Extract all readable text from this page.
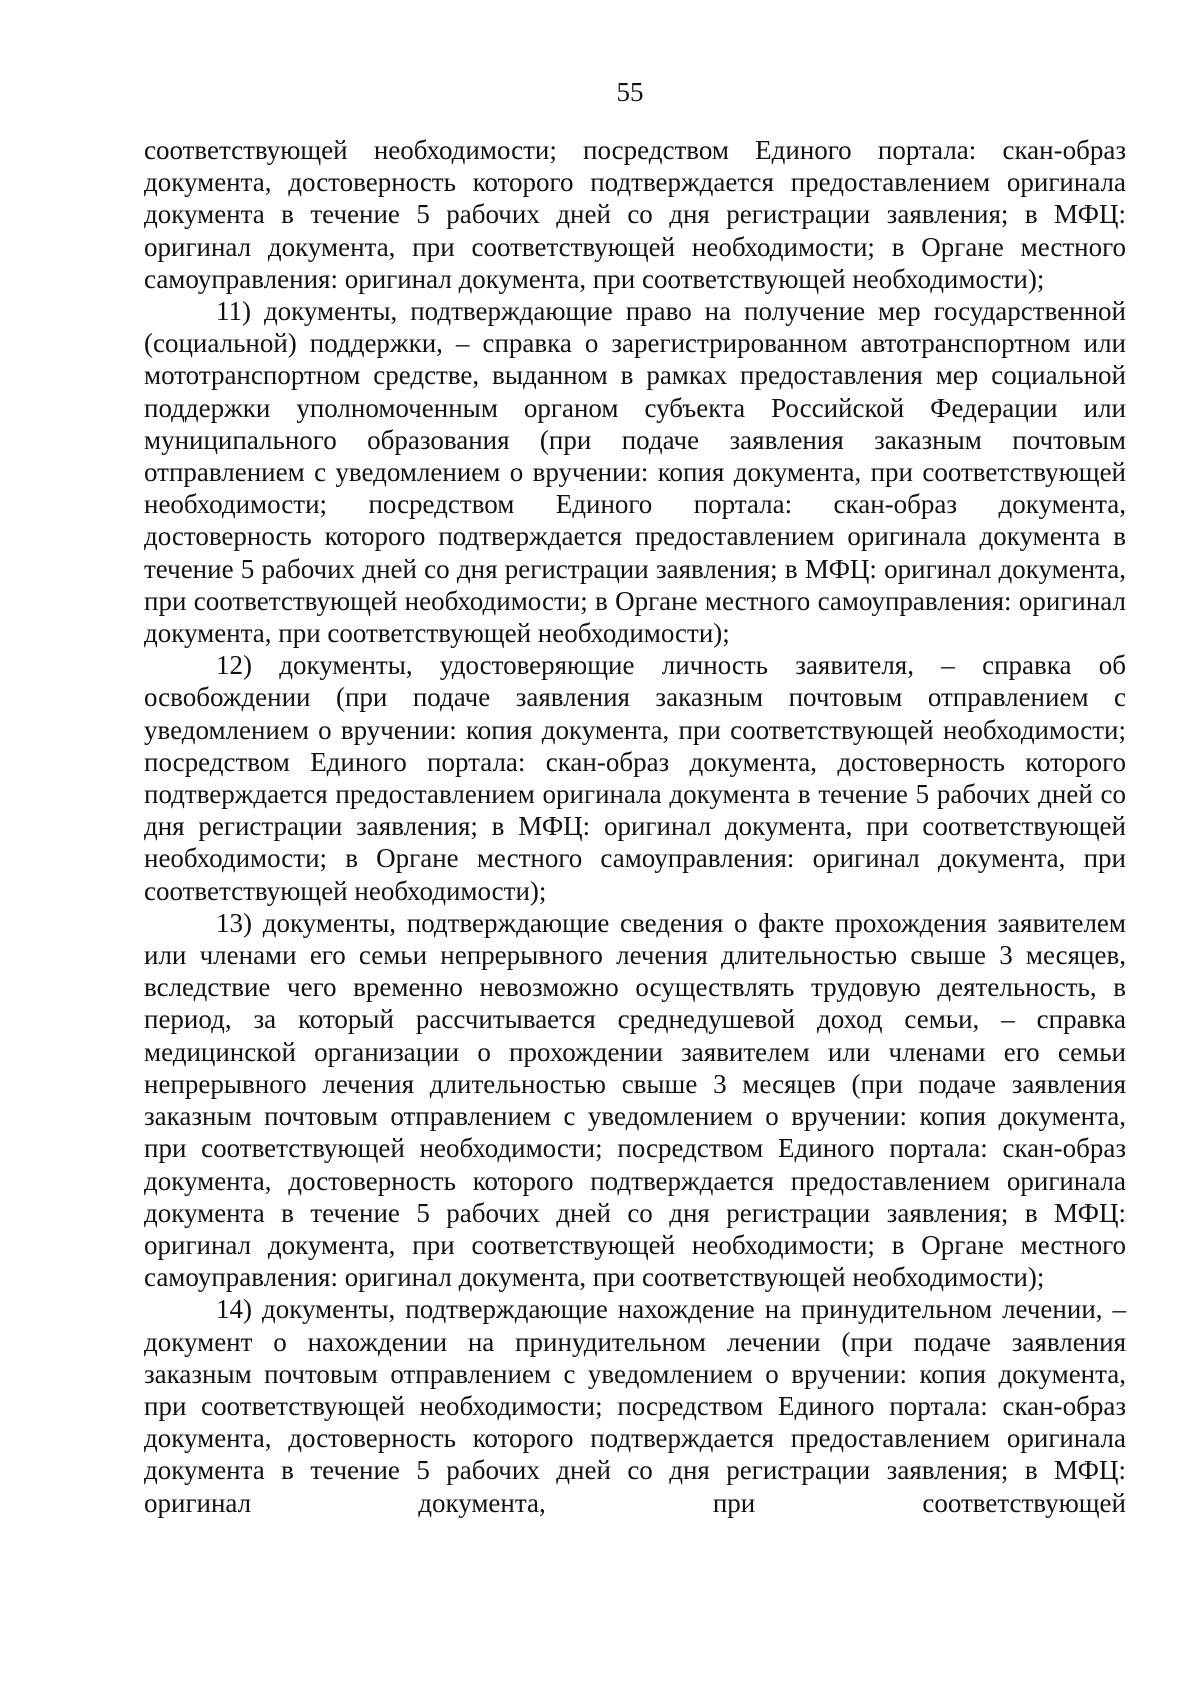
55

соответствующей необходимости; посредством Единого портала: скан-образ документа, достоверность которого подтверждается предоставлением оригинала документа в течение 5 рабочих дней со дня регистрации заявления; в МФЦ: оригинал документа, при соответствующей необходимости; в Органе местного самоуправления: оригинал документа, при соответствующей необходимости);

11) документы, подтверждающие право на получение мер государственной (социальной) поддержки, – справка о зарегистрированном автотранспортном или мототранспортном средстве, выданном в рамках предоставления мер социальной поддержки уполномоченным органом субъекта Российской Федерации или муниципального образования (при подаче заявления заказным почтовым отправлением с уведомлением о вручении: копия документа, при соответствующей необходимости; посредством Единого портала: скан-образ документа, достоверность которого подтверждается предоставлением оригинала документа в течение 5 рабочих дней со дня регистрации заявления; в МФЦ: оригинал документа, при соответствующей необходимости; в Органе местного самоуправления: оригинал документа, при соответствующей необходимости);

12) документы, удостоверяющие личность заявителя, – справка об освобождении (при подаче заявления заказным почтовым отправлением с уведомлением о вручении: копия документа, при соответствующей необходимости; посредством Единого портала: скан-образ документа, достоверность которого подтверждается предоставлением оригинала документа в течение 5 рабочих дней со дня регистрации заявления; в МФЦ: оригинал документа, при соответствующей необходимости; в Органе местного самоуправления: оригинал документа, при соответствующей необходимости);

13) документы, подтверждающие сведения о факте прохождения заявителем или членами его семьи непрерывного лечения длительностью свыше 3 месяцев, вследствие чего временно невозможно осуществлять трудовую деятельность, в период, за который рассчитывается среднедушевой доход семьи, – справка медицинской организации о прохождении заявителем или членами его семьи непрерывного лечения длительностью свыше 3 месяцев (при подаче заявления заказным почтовым отправлением с уведомлением о вручении: копия документа, при соответствующей необходимости; посредством Единого портала: скан-образ документа, достоверность которого подтверждается предоставлением оригинала документа в течение 5 рабочих дней со дня регистрации заявления; в МФЦ: оригинал документа, при соответствующей необходимости; в Органе местного самоуправления: оригинал документа, при соответствующей необходимости);

14) документы, подтверждающие нахождение на принудительном лечении, – документ о нахождении на принудительном лечении (при подаче заявления заказным почтовым отправлением с уведомлением о вручении: копия документа, при соответствующей необходимости; посредством Единого портала: скан-образ документа, достоверность которого подтверждается предоставлением оригинала документа в течение 5 рабочих дней со дня регистрации заявления; в МФЦ: оригинал документа, при соответствующей
